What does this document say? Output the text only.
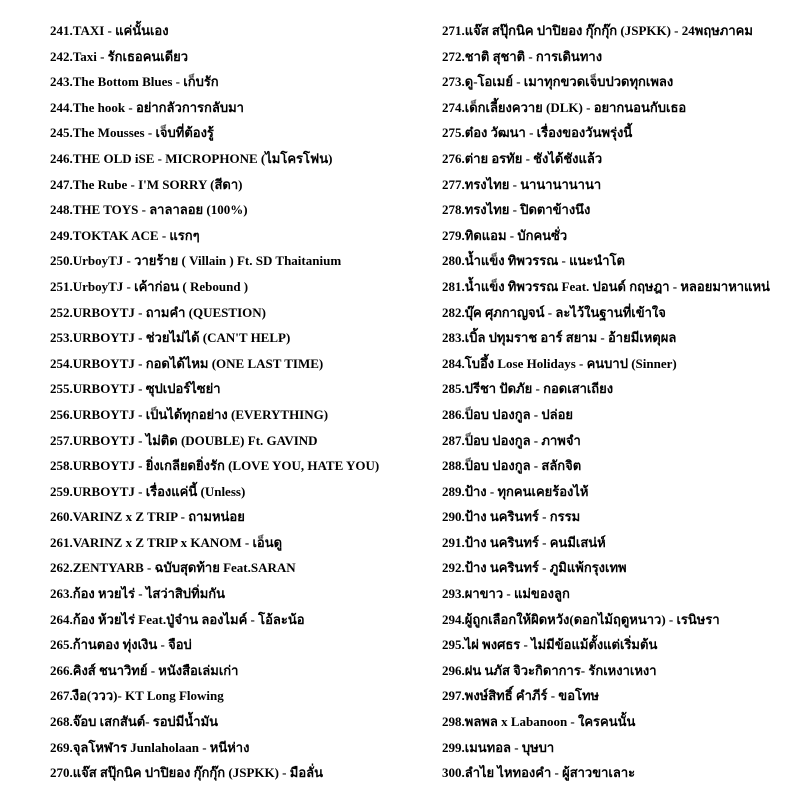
241.TAXI - แค่นั้นเอง
242.Taxi - รักเธอคนเดียว
243.The Bottom Blues - เก็บรัก
244.The hook - อย่ากลัวการกลับมา
245.The Mousses - เจ็บที่ต้องรู้
246.THE OLD iSE - MICROPHONE (ไมโครโฟน)
247.The Rube - I'M SORRY (สีดา)
248.THE TOYS - ลาลาลอย (100%)
249.TOKTAK ACE - แรกๆ
250.UrboyTJ - วายร้าย ( Villain ) Ft. SD Thaitanium
251.UrboyTJ - เค้าก่อน ( Rebound )
252.URBOYTJ - ถามคำ (QUESTION)
253.URBOYTJ - ช่วยไม่ได้ (CAN'T HELP)
254.URBOYTJ - กอดได้ไหม (ONE LAST TIME)
255.URBOYTJ - ซุปเปอร์ไซย่า
256.URBOYTJ - เป็นได้ทุกอย่าง (EVERYTHING)
257.URBOYTJ - ไม่ติด (DOUBLE) Ft. GAVIND
258.URBOYTJ - ยิ่งเกลียดยิ่งรัก (LOVE YOU, HATE YOU)
259.URBOYTJ - เรื่องแค่นี้ (Unless)
260.VARINZ x Z TRIP - ถามหน่อย
261.VARINZ x Z TRIP x KANOM - เอ็นดู
262.ZENTYARB - ฉบับสุดท้าย Feat.SARAN
263.ก้อง หวยไร่ - ไสว่าสิบ่ทิ่มกัน
264.ก้อง ห้วยไร่ Feat.ปู่จ๋าน ลองไมค์ - โอ้ละน้อ
265.ก้านตอง ทุ่งเงิน - จือบ่
266.คิงส์ ชนาวิทย์ - หนังสือเล่มเก่า
267.งือ(ววว)- KT Long Flowing
268.จ๊อบ เสกสันต์- รอบ่มีน้ำมัน
269.จุลโหฬาร Junlaholaan - หนีห่าง
270.แจ๊ส สปุ๊กนิค ปาปิยอง กุ๊กกุ๊ก (JSPKK) - มือลั่น
271.แจ๊ส สปุ๊กนิค ปาปิยอง กุ๊กกุ๊ก (JSPKK) - 24พฤษภาคม
272.ชาติ สุชาติ - การเดินทาง
273.ดู-โอเมย์ - เมาทุกขวดเจ็บปวดทุกเพลง
274.เด็กเลี้ยงควาย (DLK) - อยากนอนกับเธอ
275.ต๋อง วัฒนา - เรื่องของวันพรุ่งนี้
276.ต่าย อรทัย - ชังได้ชังแล้ว
277.ทรงไทย - นานานานานา
278.ทรงไทย - ปิดตาข้างนึง
279.ทิดแอม - บักคนซั่ว
280.น้ำแข็ง ทิพวรรณ - แนะนำโต
281.น้ำแข็ง ทิพวรรณ Feat. ปอนด์ กฤษฎา - หลอยมาหาแหน่
282.บุ๊ค ศุภกาญจน์ - ละไว้ในฐานที่เข้าใจ
283.เบิ้ล ปทุมราช อาร์ สยาม - อ้ายมีเหตุผล
284.โบอึ้ง Lose Holidays - คนบาป (Sinner)
285.ปรีชา ปัดภัย - กอดเสาเถียง
286.ป็อบ ปองกูล - ปล่อย
287.ป็อบ ปองกูล - ภาพจำ
288.ป็อบ ปองกูล - สลักจิต
289.ป้าง - ทุกคนเคยร้องไห้
290.ป้าง นครินทร์ - กรรม
291.ป้าง นครินทร์ - คนมีเสน่ห์
292.ป้าง นครินทร์ - ภูมิแพ้กรุงเทพ
293.ผาขาว - แม่ของลูก
294.ผู้ถูกเลือกให้ผิดหวัง(ดอกไม้ฤดูหนาว) - เรนิษรา
295.ไผ่ พงศธร - ไม่มีข้อแม้ตั้งแต่เริ่มต้น
296.ฝน นภัส จิวะกิดาการ- รักเหงาเหงา
297.พงษ์สิทธิ์ คำภีร์ - ขอโทษ
298.พลพล x Labanoon - ใครคนนั้น
299.เมนทอล - บุษบา
300.ลำไย ไหทองคำ - ผู้สาวขาเลาะ
